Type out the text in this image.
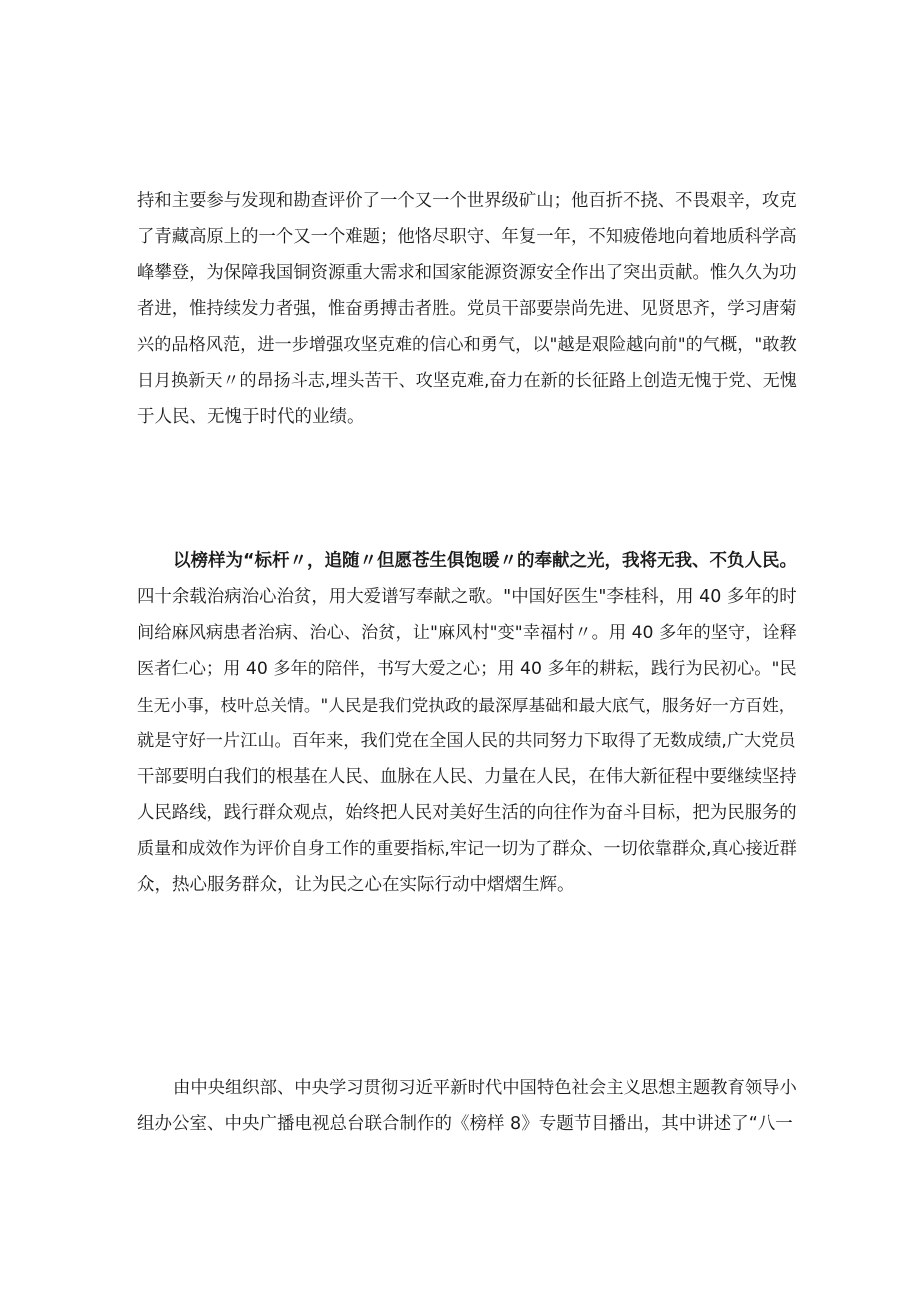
持和主要参与发现和勘查评价了一个又一个世界级矿山；他百折不挠、不畏艰辛，攻克
了青藏高原上的一个又一个难题；他恪尽职守、年复一年，不知疲倦地向着地质科学高
峰攀登，为保障我国铜资源重大需求和国家能源资源安全作出了突出贡献。惟久久为功
者进，惟持续发力者强，惟奋勇搏击者胜。党员干部要崇尚先进、见贤思齐，学习唐菊
兴的品格风范，进一步增强攻坚克难的信心和勇气，以"越是艰险越向前"的气概，"敢教
日月换新天〃的昂扬斗志,埋头苦干、攻坚克难,奋力在新的长征路上创造无愧于党、无愧
于人民、无愧于时代的业绩。
以榜样为“标杆〃，追随〃但愿苍生俱饱暖〃的奉献之光，我将无我、不负人民。
四十余载治病治心治贫，用大爱谱写奉献之歌。"中国好医生"李桂科，用 40 多年的时
间给麻风病患者治病、治心、治贫，让"麻风村"变"幸福村〃。用 40 多年的坚守，诠释
医者仁心；用 40 多年的陪伴，书写大爱之心；用 40 多年的耕耘，践行为民初心。"民
生无小事，枝叶总关情。"人民是我们党执政的最深厚基础和最大底气，服务好一方百姓，
就是守好一片江山。百年来，我们党在全国人民的共同努力下取得了无数成绩,广大党员
干部要明白我们的根基在人民、血脉在人民、力量在人民，在伟大新征程中要继续坚持
人民路线，践行群众观点，始终把人民对美好生活的向往作为奋斗目标，把为民服务的
质量和成效作为评价自身工作的重要指标,牢记一切为了群众、一切依靠群众,真心接近群
众，热心服务群众，让为民之心在实际行动中熠熠生辉。
由中央组织部、中央学习贯彻习近平新时代中国特色社会主义思想主题教育领导小
组办公室、中央广播电视总台联合制作的《榜样 8》专题节目播出，其中讲述了“八一
